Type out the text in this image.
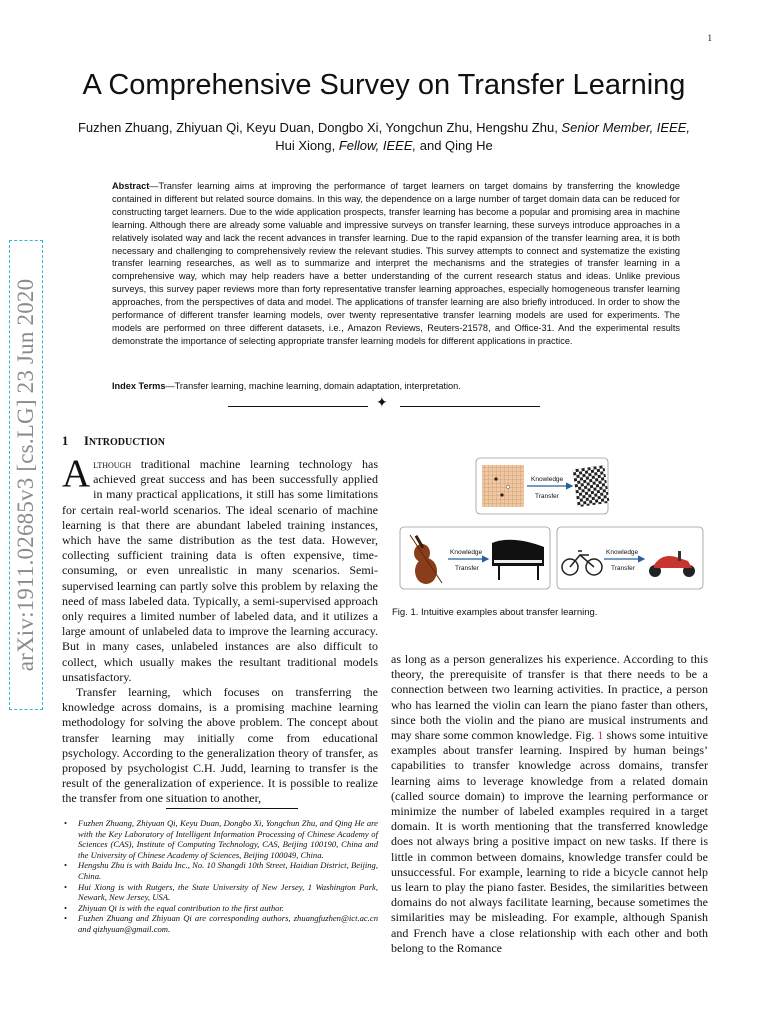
1
A Comprehensive Survey on Transfer Learning
Fuzhen Zhuang, Zhiyuan Qi, Keyu Duan, Dongbo Xi, Yongchun Zhu, Hengshu Zhu, Senior Member, IEEE,
Hui Xiong, Fellow, IEEE, and Qing He
Abstract—Transfer learning aims at improving the performance of target learners on target domains by transferring the knowledge contained in different but related source domains. In this way, the dependence on a large number of target domain data can be reduced for constructing target learners. Due to the wide application prospects, transfer learning has become a popular and promising area in machine learning. Although there are already some valuable and impressive surveys on transfer learning, these surveys introduce approaches in a relatively isolated way and lack the recent advances in transfer learning. Due to the rapid expansion of the transfer learning area, it is both necessary and challenging to comprehensively review the relevant studies. This survey attempts to connect and systematize the existing transfer learning researches, as well as to summarize and interpret the mechanisms and the strategies of transfer learning in a comprehensive way, which may help readers have a better understanding of the current research status and ideas. Unlike previous surveys, this survey paper reviews more than forty representative transfer learning approaches, especially homogeneous transfer learning approaches, from the perspectives of data and model. The applications of transfer learning are also briefly introduced. In order to show the performance of different transfer learning models, over twenty representative transfer learning models are used for experiments. The models are performed on three different datasets, i.e., Amazon Reviews, Reuters-21578, and Office-31. And the experimental results demonstrate the importance of selecting appropriate transfer learning models for different applications in practice.
Index Terms—Transfer learning, machine learning, domain adaptation, interpretation.
✦
arXiv:1911.02685v3 [cs.LG] 23 Jun 2020 1 INTRODUCTION

Although traditional machine learning technology has achieved great success and has been successfully applied in many practical applications, it still has some limitations for certain real-world scenarios. The ideal scenario of machine learning is that there are abundant labeled training instances, which have the same distribution as the test data. However, collecting sufficient training data is often expensive, time-consuming, or even unrealistic in many scenarios. Semi-supervised learning can partly solve this problem by relaxing the need of mass labeled data. Typically, a semi-supervised approach only requires a limited number of labeled data, and it utilizes a large amount of unlabeled data to improve the learning accuracy. But in many cases, unlabeled instances are also difficult to collect, which usually makes the resultant traditional models unsatisfactory.

Transfer learning, which focuses on transferring the knowledge across domains, is a promising machine learning methodology for solving the above problem. The concept about transfer learning may initially come from educational psychology. According to the generalization theory of transfer, as proposed by psychologist C.H. Judd, learning to transfer is the result of the generalization of experience. It is possible to realize the transfer from one situation to another,

• Fuzhen Zhuang, Zhiyuan Qi, Keyu Duan, Dongbo Xi, Yongchun Zhu, and Qing He are with the Key Laboratory of Intelligent Information Processing of Chinese Academy of Sciences (CAS), Institute of Computing Technology, CAS, Beijing 100190, China and the University of Chinese Academy of Sciences, Beijing 100049, China.
• Hengshu Zhu is with Baidu Inc., No. 10 Shangdi 10th Street, Haidian District, Beijing, China.
• Hui Xiong is with Rutgers, the State University of New Jersey, 1 Washington Park, Newark, New Jersey, USA.
• Zhiyuan Qi is with the equal contribution to the first author.
• Fuzhen Zhuang and Zhiyuan Qi are corresponding authors, zhuangfuzhen@ict.ac.cn and qizhyuan@gmail.com.
Knowledge
Transfer
Knowledge
Transfer
Knowledge
Transfer
Fig. 1. Intuitive examples about transfer learning.

as long as a person generalizes his experience. According to this theory, the prerequisite of transfer is that there needs to be a connection between two learning activities. In practice, a person who has learned the violin can learn the piano faster than others, since both the violin and the piano are musical instruments and may share some common knowledge. Fig. 1 shows some intuitive examples about transfer learning. Inspired by human beings’ capabilities to transfer knowledge across domains, transfer learning aims to leverage knowledge from a related domain (called source domain) to improve the learning performance or minimize the number of labeled examples required in a target domain. It is worth mentioning that the transferred knowledge does not always bring a positive impact on new tasks. If there is little in common between domains, knowledge transfer could be unsuccessful. For example, learning to ride a bicycle cannot help us learn to play the piano faster. Besides, the similarities between domains do not always facilitate learning, because sometimes the similarities may be misleading. For example, although Spanish and French have a close relationship with each other and both belong to the Romance
